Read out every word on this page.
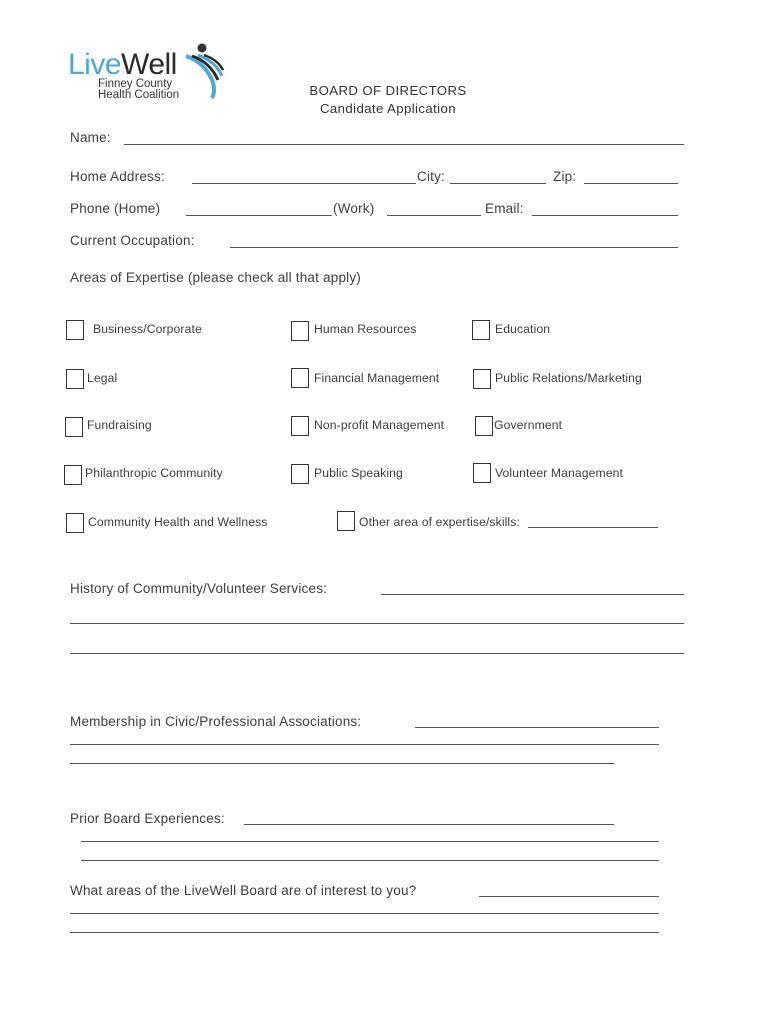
LiveWell
Finney County
Health Coalition	BOARD OF DIRECTORS
Candidate Application
Name:
Home Address:	City:	Zip:
Phone (Home)	(Work)	Email:
Current Occupation:
Areas of Expertise (please check all that apply)
Business/Corporate	Human Resources	Education
Legal	Financial Management	Public Relations/Marketing
Fundraising	Non-profit Management	Government
Philanthropic Community	Public Speaking	Volunteer Management
Community Health and Wellness	Other area of expertise/skills:
History of Community/Volunteer Services:
Membership in Civic/Professional Associations:
Prior Board Experiences:
What areas of the LiveWell Board are of interest to you?
